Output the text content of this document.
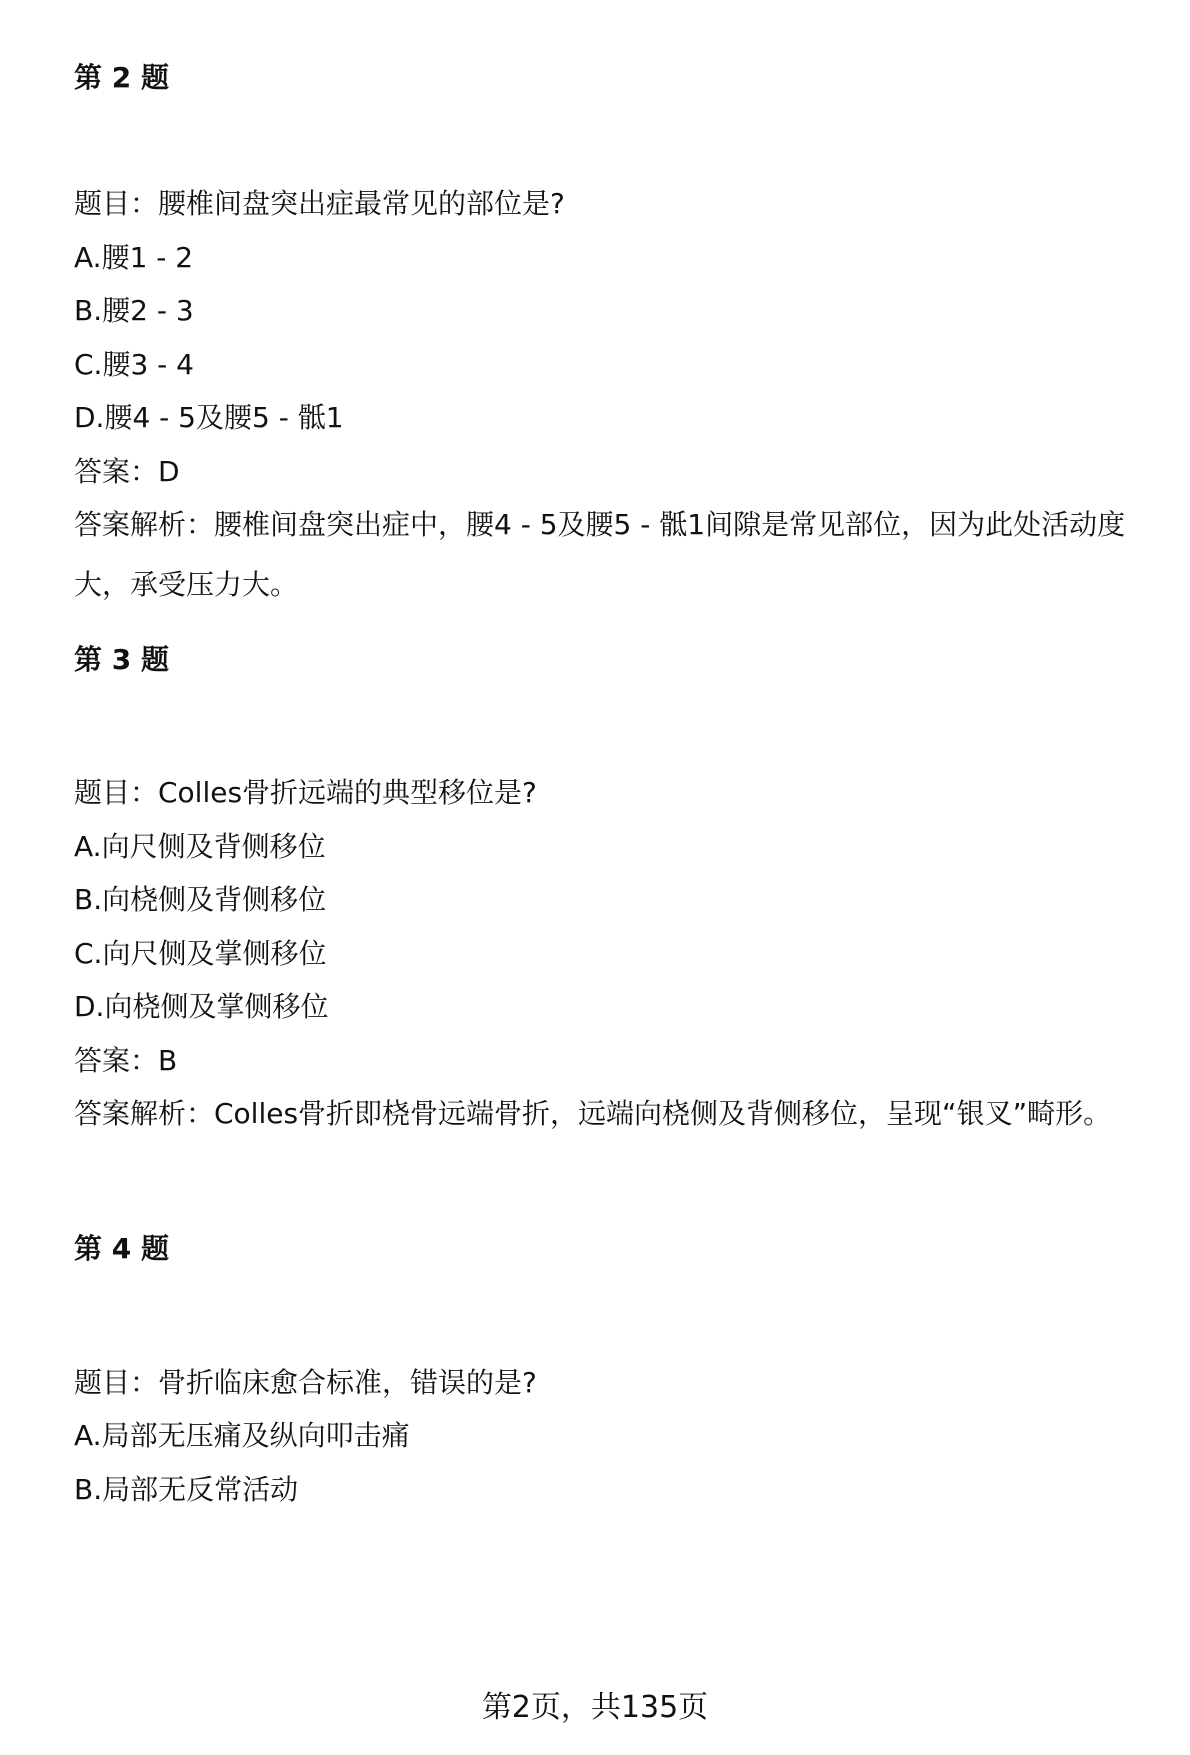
第 2 题
题目：腰椎间盘突出症最常见的部位是?
A.腰1 - 2
B.腰2 - 3
C.腰3 - 4
D.腰4 - 5及腰5 - 骶1
答案：D
答案解析：腰椎间盘突出症中，腰4 - 5及腰5 - 骶1间隙是常见部位，因为此处活动度大，承受压力大。
第 3 题
题目：Colles骨折远端的典型移位是?
A.向尺侧及背侧移位
B.向桡侧及背侧移位
C.向尺侧及掌侧移位
D.向桡侧及掌侧移位
答案：B
答案解析：Colles骨折即桡骨远端骨折，远端向桡侧及背侧移位，呈现“银叉”畸形。
第 4 题
题目：骨折临床愈合标准，错误的是?
A.局部无压痛及纵向叩击痛
B.局部无反常活动
第2页，共135页
